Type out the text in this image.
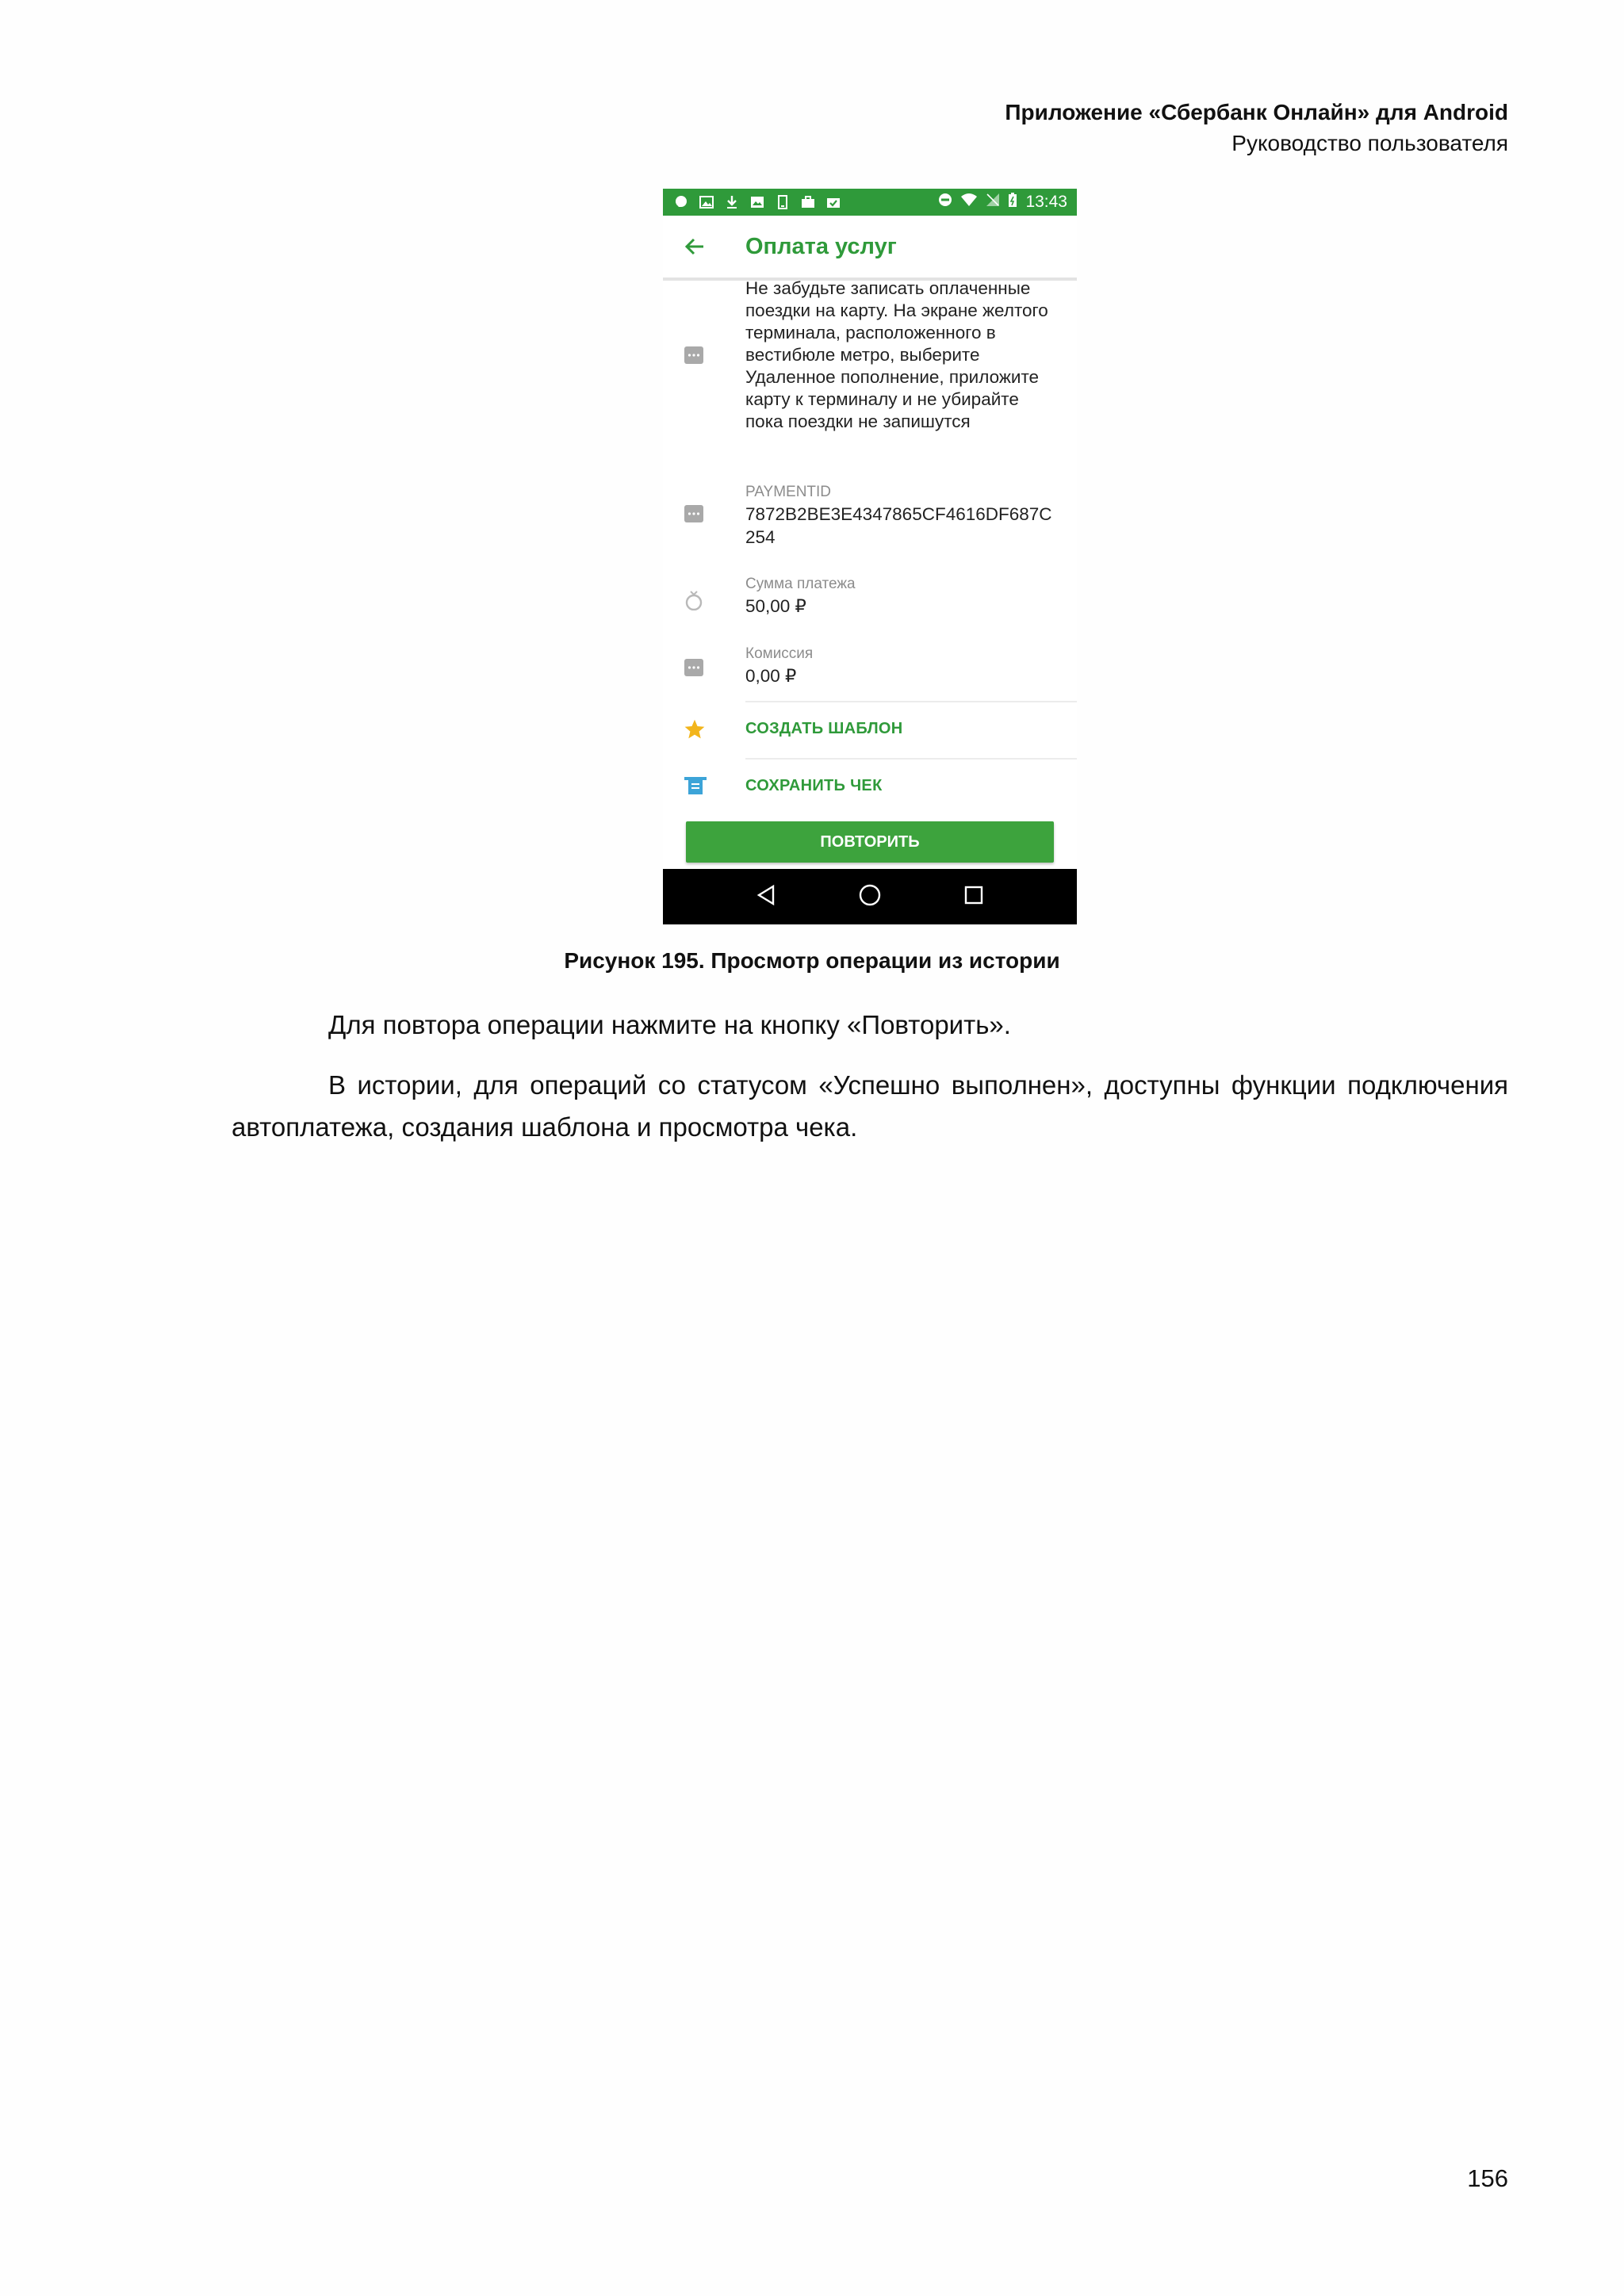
Приложение «Сбербанк Онлайн» для Android
Руководство пользователя
13:43
Оплата услуг
Не забудьте записать оплаченные поездки на карту. На экране желтого терминала, расположенного в вестибюле метро, выберите Удаленное пополнение, приложите карту к терминалу и не убирайте пока поездки не запишутся
PAYMENTID
7872B2BE3E4347865CF4616DF687C254
Сумма платежа
50,00 ₽
Комиссия
0,00 ₽
СОЗДАТЬ ШАБЛОН
СОХРАНИТЬ ЧЕК
ПОВТОРИТЬ
Рисунок 195. Просмотр операции из истории
Для повтора операции нажмите на кнопку «Повторить».
В истории, для операций со статусом «Успешно выполнен», доступны функции подключения автоплатежа, создания шаблона и просмотра чека.
156
